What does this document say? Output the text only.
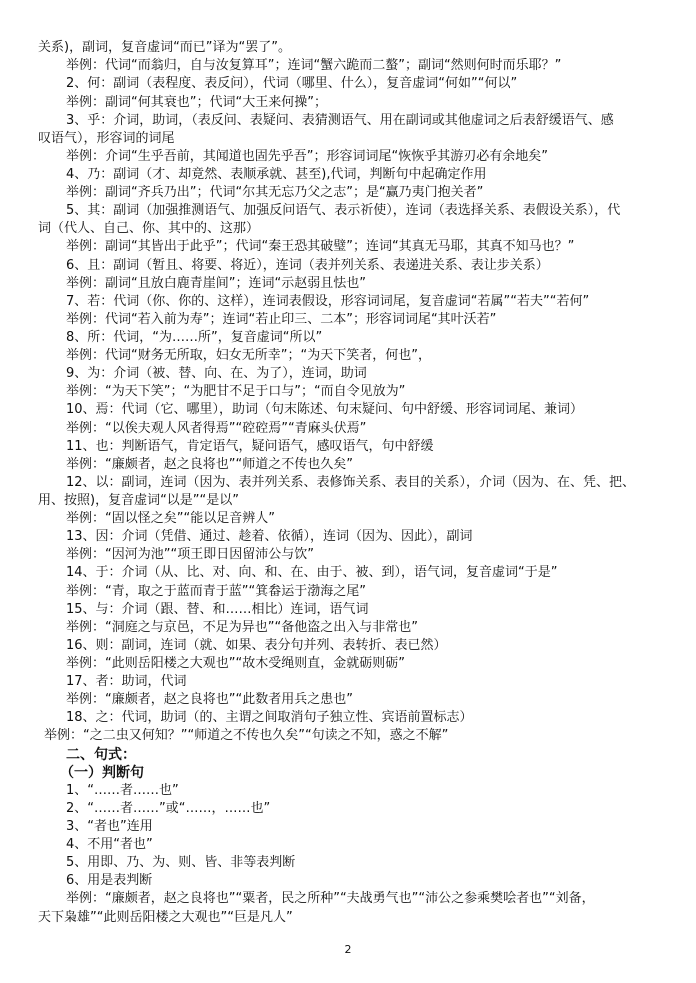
关系)，副词，复音虚词“而已”译为“罢了”。
举例：代词“而翁归，自与汝复算耳”；连词“蟹六跪而二螯”；副词“然则何时而乐耶？”
2、何：副词（表程度、表反问），代词（哪里、什么），复音虚词“何如”“何以”
举例：副词“何其衰也”；代词“大王来何操”；
3、乎：介词，助词，（表反问、表疑问、表猜测语气、用在副词或其他虚词之后表舒缓语气、感
叹语气），形容词的词尾
举例：介词“生乎吾前，其闻道也固先乎吾”；形容词词尾“恢恢乎其游刃必有余地矣”
4、乃：副词（才、却竟然、表顺承就、甚至),代词，判断句中起确定作用
举例：副词“齐兵乃出”；代词“尔其无忘乃父之志”；是“赢乃夷门抱关者”
5、其：副词（加强推测语气、加强反问语气、表示祈使），连词（表选择关系、表假设关系），代
词（代人、自己、你、其中的、这那）
举例：副词“其皆出于此乎”；代词“秦王恐其破璧”；连词“其真无马耶，其真不知马也？”
6、且：副词（暂且、将要、将近），连词（表并列关系、表递进关系、表让步关系）
举例：副词“且放白鹿青崖间”；连词“示赵弱且怯也”
7、若：代词（你、你的、这样），连词表假设，形容词词尾，复音虚词“若属”“若夫”“若何”
举例：代词“若入前为寿”；连词“若止印三、二本”；形容词词尾“其叶沃若”
8、所：代词，“为……所”，复音虚词“所以”
举例：代词“财务无所取，妇女无所幸”；“为天下笑者，何也”，
9、为：介词（被、替、向、在、为了），连词，助词
举例：“为天下笑”；“为肥甘不足于口与”；“而自令见放为”
10、焉：代词（它、哪里），助词（句末陈述、句末疑问、句中舒缓、形容词词尾、兼词）
举例：“以俟夫观人风者得焉”“硿硿焉”“青麻头伏焉”
11、也：判断语气，肯定语气，疑问语气，感叹语气，句中舒缓
举例：“廉颇者，赵之良将也”“师道之不传也久矣”
12、以：副词，连词（因为、表并列关系、表修饰关系、表目的关系），介词（因为、在、凭、把、
用、按照)，复音虚词“以是”“是以”
举例：“固以怪之矣”“能以足音辨人”
13、因：介词（凭借、通过、趁着、依循），连词（因为、因此），副词
举例：“因河为池”“项王即日因留沛公与饮”
14、于：介词（从、比、对、向、和、在、由于、被、到），语气词，复音虚词“于是”
举例：“青，取之于蓝而青于蓝”“箕畚运于渤海之尾”
15、与：介词（跟、替、和……相比）连词，语气词
举例：“洞庭之与京邑，不足为异也”“备他盗之出入与非常也”
16、则：副词，连词（就、如果、表分句并列、表转折、表已然）
举例：“此则岳阳楼之大观也”“故木受绳则直，金就砺则砺”
17、者：助词，代词
举例：“廉颇者，赵之良将也”“此数者用兵之患也”
18、之：代词，助词（的、主谓之间取消句子独立性、宾语前置标志）
举例：“之二虫又何知？”“师道之不传也久矣”“句读之不知，惑之不解”
二、句式：
（一）判断句
1、“……者……也”
2、“……者……”或“……，……也”
3、“者也”连用
4、不用“者也”
5、用即、乃、为、则、皆、非等表判断
6、用是表判断
举例：“廉颇者，赵之良将也”“粟者，民之所种”“夫战勇气也”“沛公之参乘樊哙者也”“刘备，
天下枭雄”“此则岳阳楼之大观也”“巨是凡人”
2
